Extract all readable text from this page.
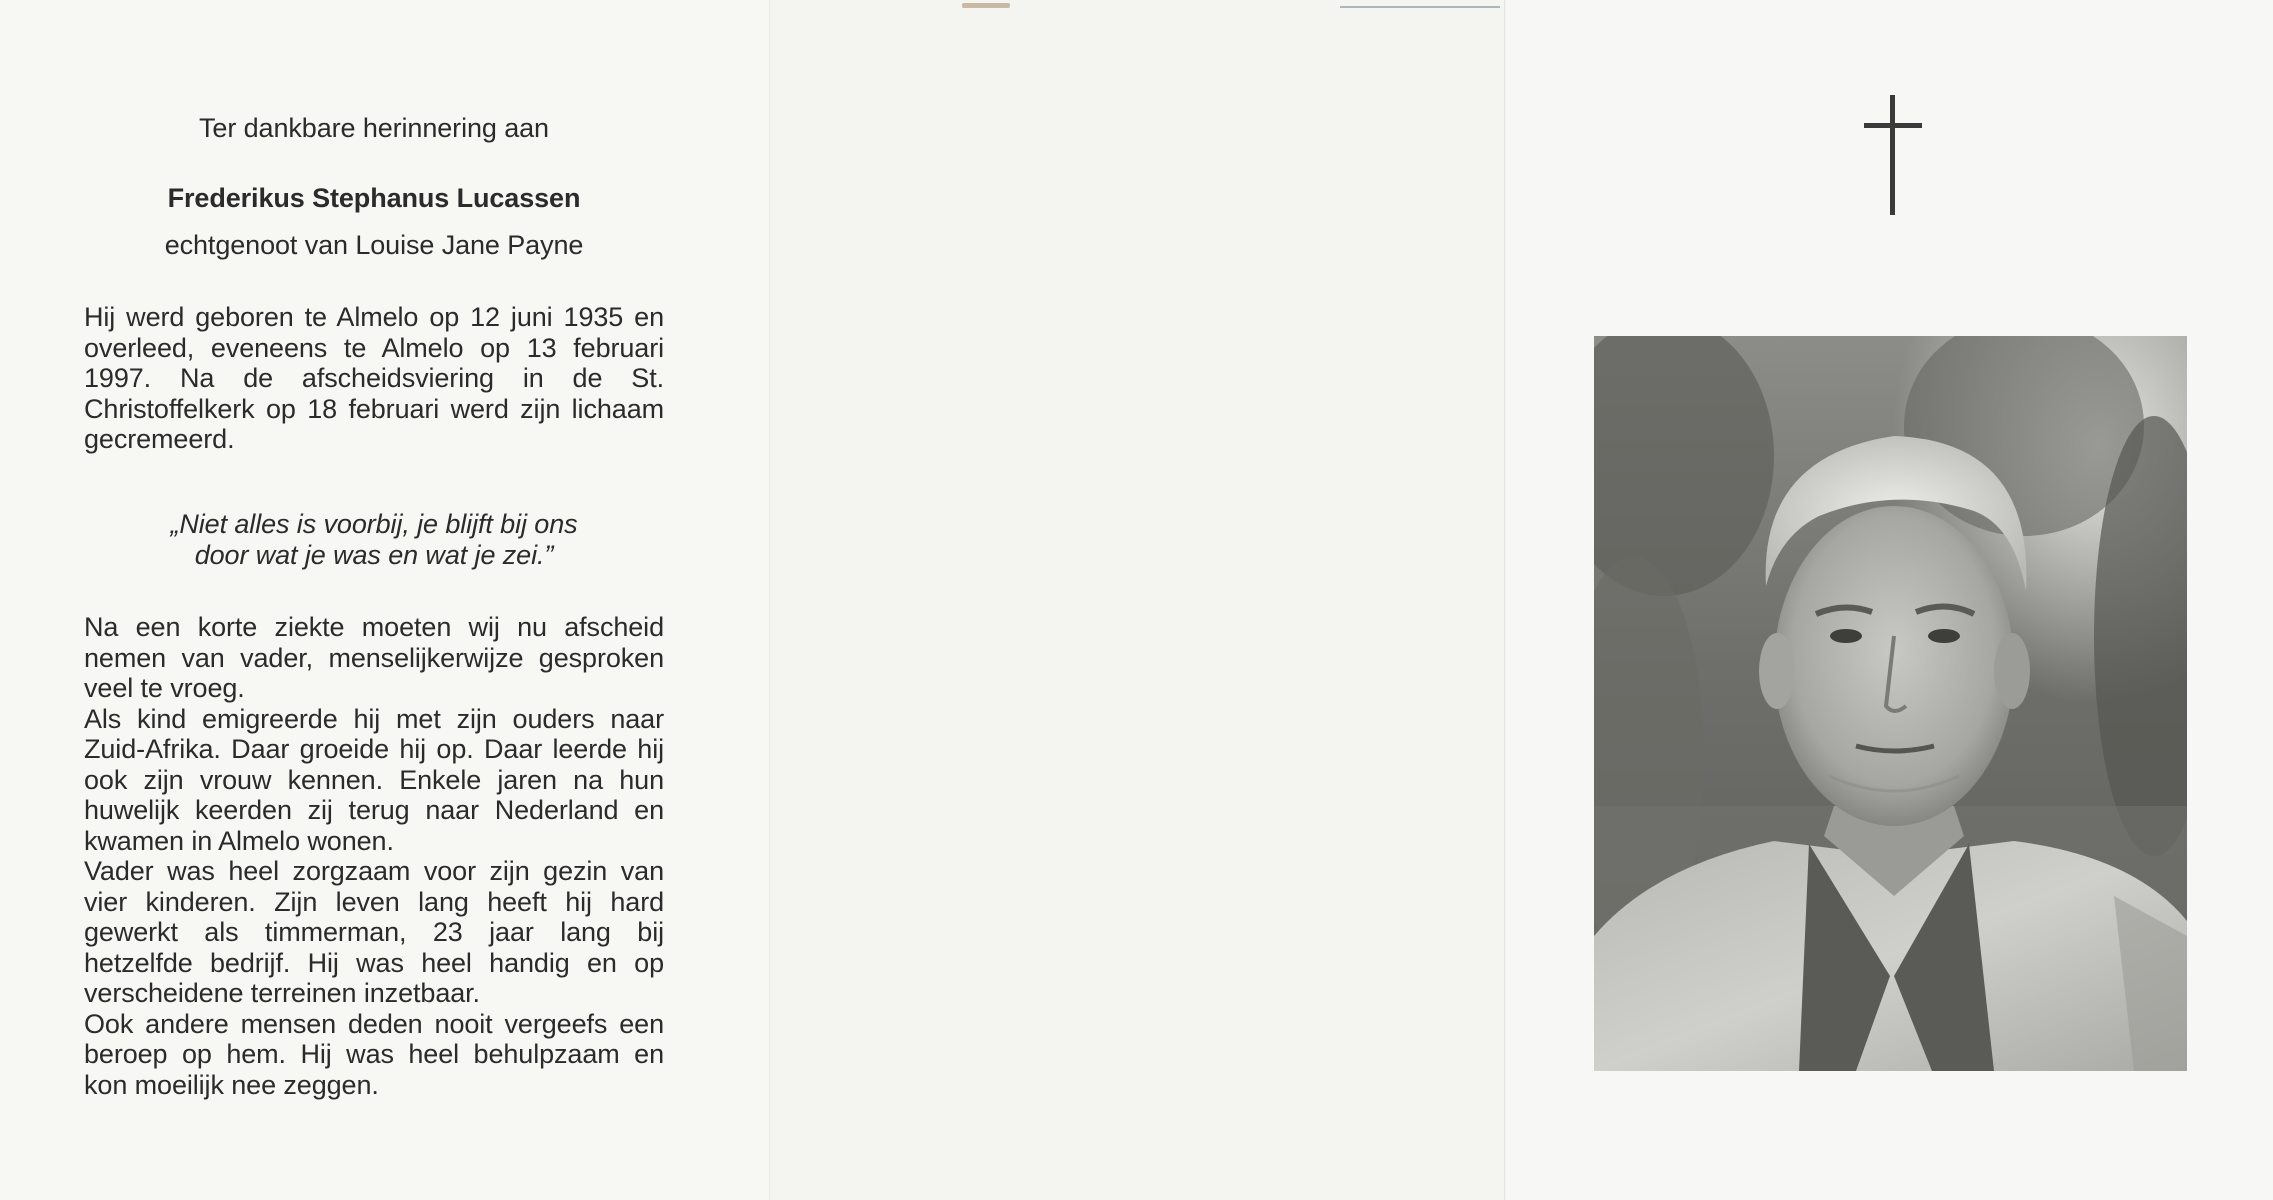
Ter dankbare herinnering aan
Frederikus Stephanus Lucassen
echtgenoot van Louise Jane Payne
Hij werd geboren te Almelo op 12 juni 1935 en overleed, eveneens te Almelo op 13 februari 1997. Na de afscheidsviering in de St. Christoffelkerk op 18 februari werd zijn lichaam gecremeerd.
„Niet alles is voorbij, je blijft bij ons
door wat je was en wat je zei.”
Na een korte ziekte moeten wij nu afscheid nemen van vader, menselijkerwijze gesproken veel te vroeg.
Als kind emigreerde hij met zijn ouders naar Zuid-Afrika. Daar groeide hij op. Daar leerde hij ook zijn vrouw kennen. Enkele jaren na hun huwelijk keerden zij terug naar Nederland en kwamen in Almelo wonen.
Vader was heel zorgzaam voor zijn gezin van vier kinderen. Zijn leven lang heeft hij hard gewerkt als timmerman, 23 jaar lang bij hetzelfde bedrijf. Hij was heel handig en op verscheidene terreinen inzetbaar.
Ook andere mensen deden nooit vergeefs een beroep op hem. Hij was heel behulpzaam en kon moeilijk nee zeggen.
